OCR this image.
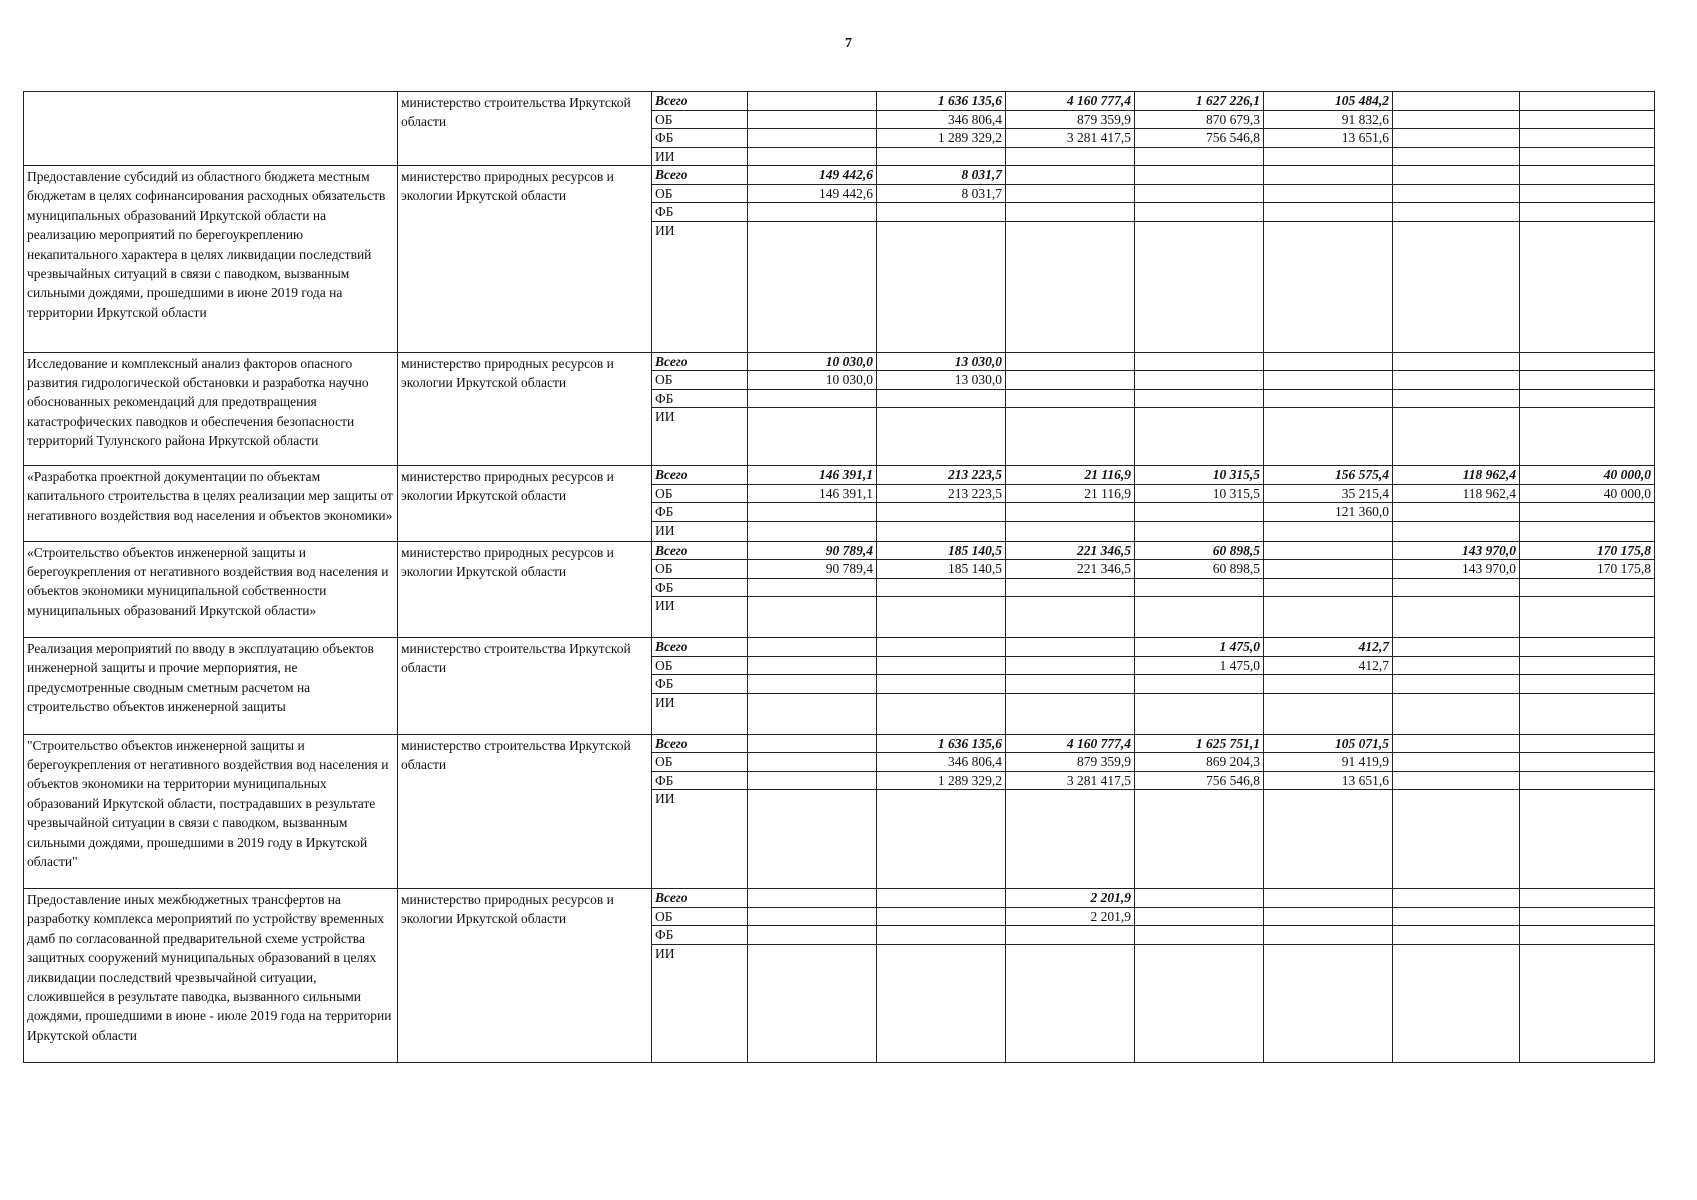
7
	министерство строительства Иркутской области	Всего		1 636 135,6	4 160 777,4	1 627 226,1	105 484,2		
		ОБ		346 806,4	879 359,9	870 679,3	91 832,6		
		ФБ		1 289 329,2	3 281 417,5	756 546,8	13 651,6		
		ИИ							
Предоставление субсидий из областного бюджета местным бюджетам в целях софинансирования расходных обязательств муниципальных образований Иркутской области на реализацию мероприятий по берегоукреплению некапитального характера в целях ликвидации последствий чрезвычайных ситуаций в связи с паводком, вызванным сильными дождями, прошедшими в июне 2019 года на территории Иркутской области	министерство природных ресурсов и экологии Иркутской области	Всего	149 442,6	8 031,7					
		ОБ	149 442,6	8 031,7					
		ФБ							
		ИИ							
Исследование и комплексный анализ факторов опасного развития гидрологической обстановки и разработка научно обоснованных рекомендаций для предотвращения катастрофических паводков и обеспечения безопасности территорий Тулунского района Иркутской области	министерство природных ресурсов и экологии Иркутской области	Всего	10 030,0	13 030,0					
		ОБ	10 030,0	13 030,0					
		ФБ							
		ИИ							
«Разработка проектной документации по объектам капитального строительства в целях реализации мер защиты от негативного воздействия вод населения и объектов экономики»	министерство природных ресурсов и экологии Иркутской области	Всего	146 391,1	213 223,5	21 116,9	10 315,5	156 575,4	118 962,4	40 000,0
		ОБ	146 391,1	213 223,5	21 116,9	10 315,5	35 215,4	118 962,4	40 000,0
		ФБ					121 360,0		
		ИИ							
«Строительство объектов инженерной защиты и берегоукрепления от негативного воздействия вод населения и объектов экономики муниципальной собственности муниципальных образований Иркутской области»	министерство природных ресурсов и экологии Иркутской области	Всего	90 789,4	185 140,5	221 346,5	60 898,5		143 970,0	170 175,8
		ОБ	90 789,4	185 140,5	221 346,5	60 898,5		143 970,0	170 175,8
		ФБ							
		ИИ							
Реализация мероприятий по вводу в эксплуатацию объектов инженерной защиты и прочие мерпориятия, не предусмотренные сводным сметным расчетом на строительство объектов инженерной защиты	министерство строительства Иркутской области	Всего				1 475,0	412,7		
		ОБ				1 475,0	412,7		
		ФБ							
		ИИ							
"Строительство объектов инженерной защиты и берегоукрепления от негативного воздействия вод населения и объектов экономики на территории муниципальных образований Иркутской области, пострадавших в результате чрезвычайной ситуации в связи с паводком, вызванным сильными дождями, прошедшими в 2019 году в Иркутской области"	министерство строительства Иркутской области	Всего		1 636 135,6	4 160 777,4	1 625 751,1	105 071,5		
		ОБ		346 806,4	879 359,9	869 204,3	91 419,9		
		ФБ		1 289 329,2	3 281 417,5	756 546,8	13 651,6		
		ИИ							
Предоставление иных межбюджетных трансфертов на разработку комплекса мероприятий по устройству временных дамб по согласованной предварительной схеме устройства защитных сооружений муниципальных образований в целях ликвидации последствий чрезвычайной ситуации, сложившейся в результате паводка, вызванного сильными дождями, прошедшими в июне - июле 2019 года на территории Иркутской области	министерство природных ресурсов и экологии Иркутской области	Всего			2 201,9				
		ОБ			2 201,9				
		ФБ							
		ИИ							
